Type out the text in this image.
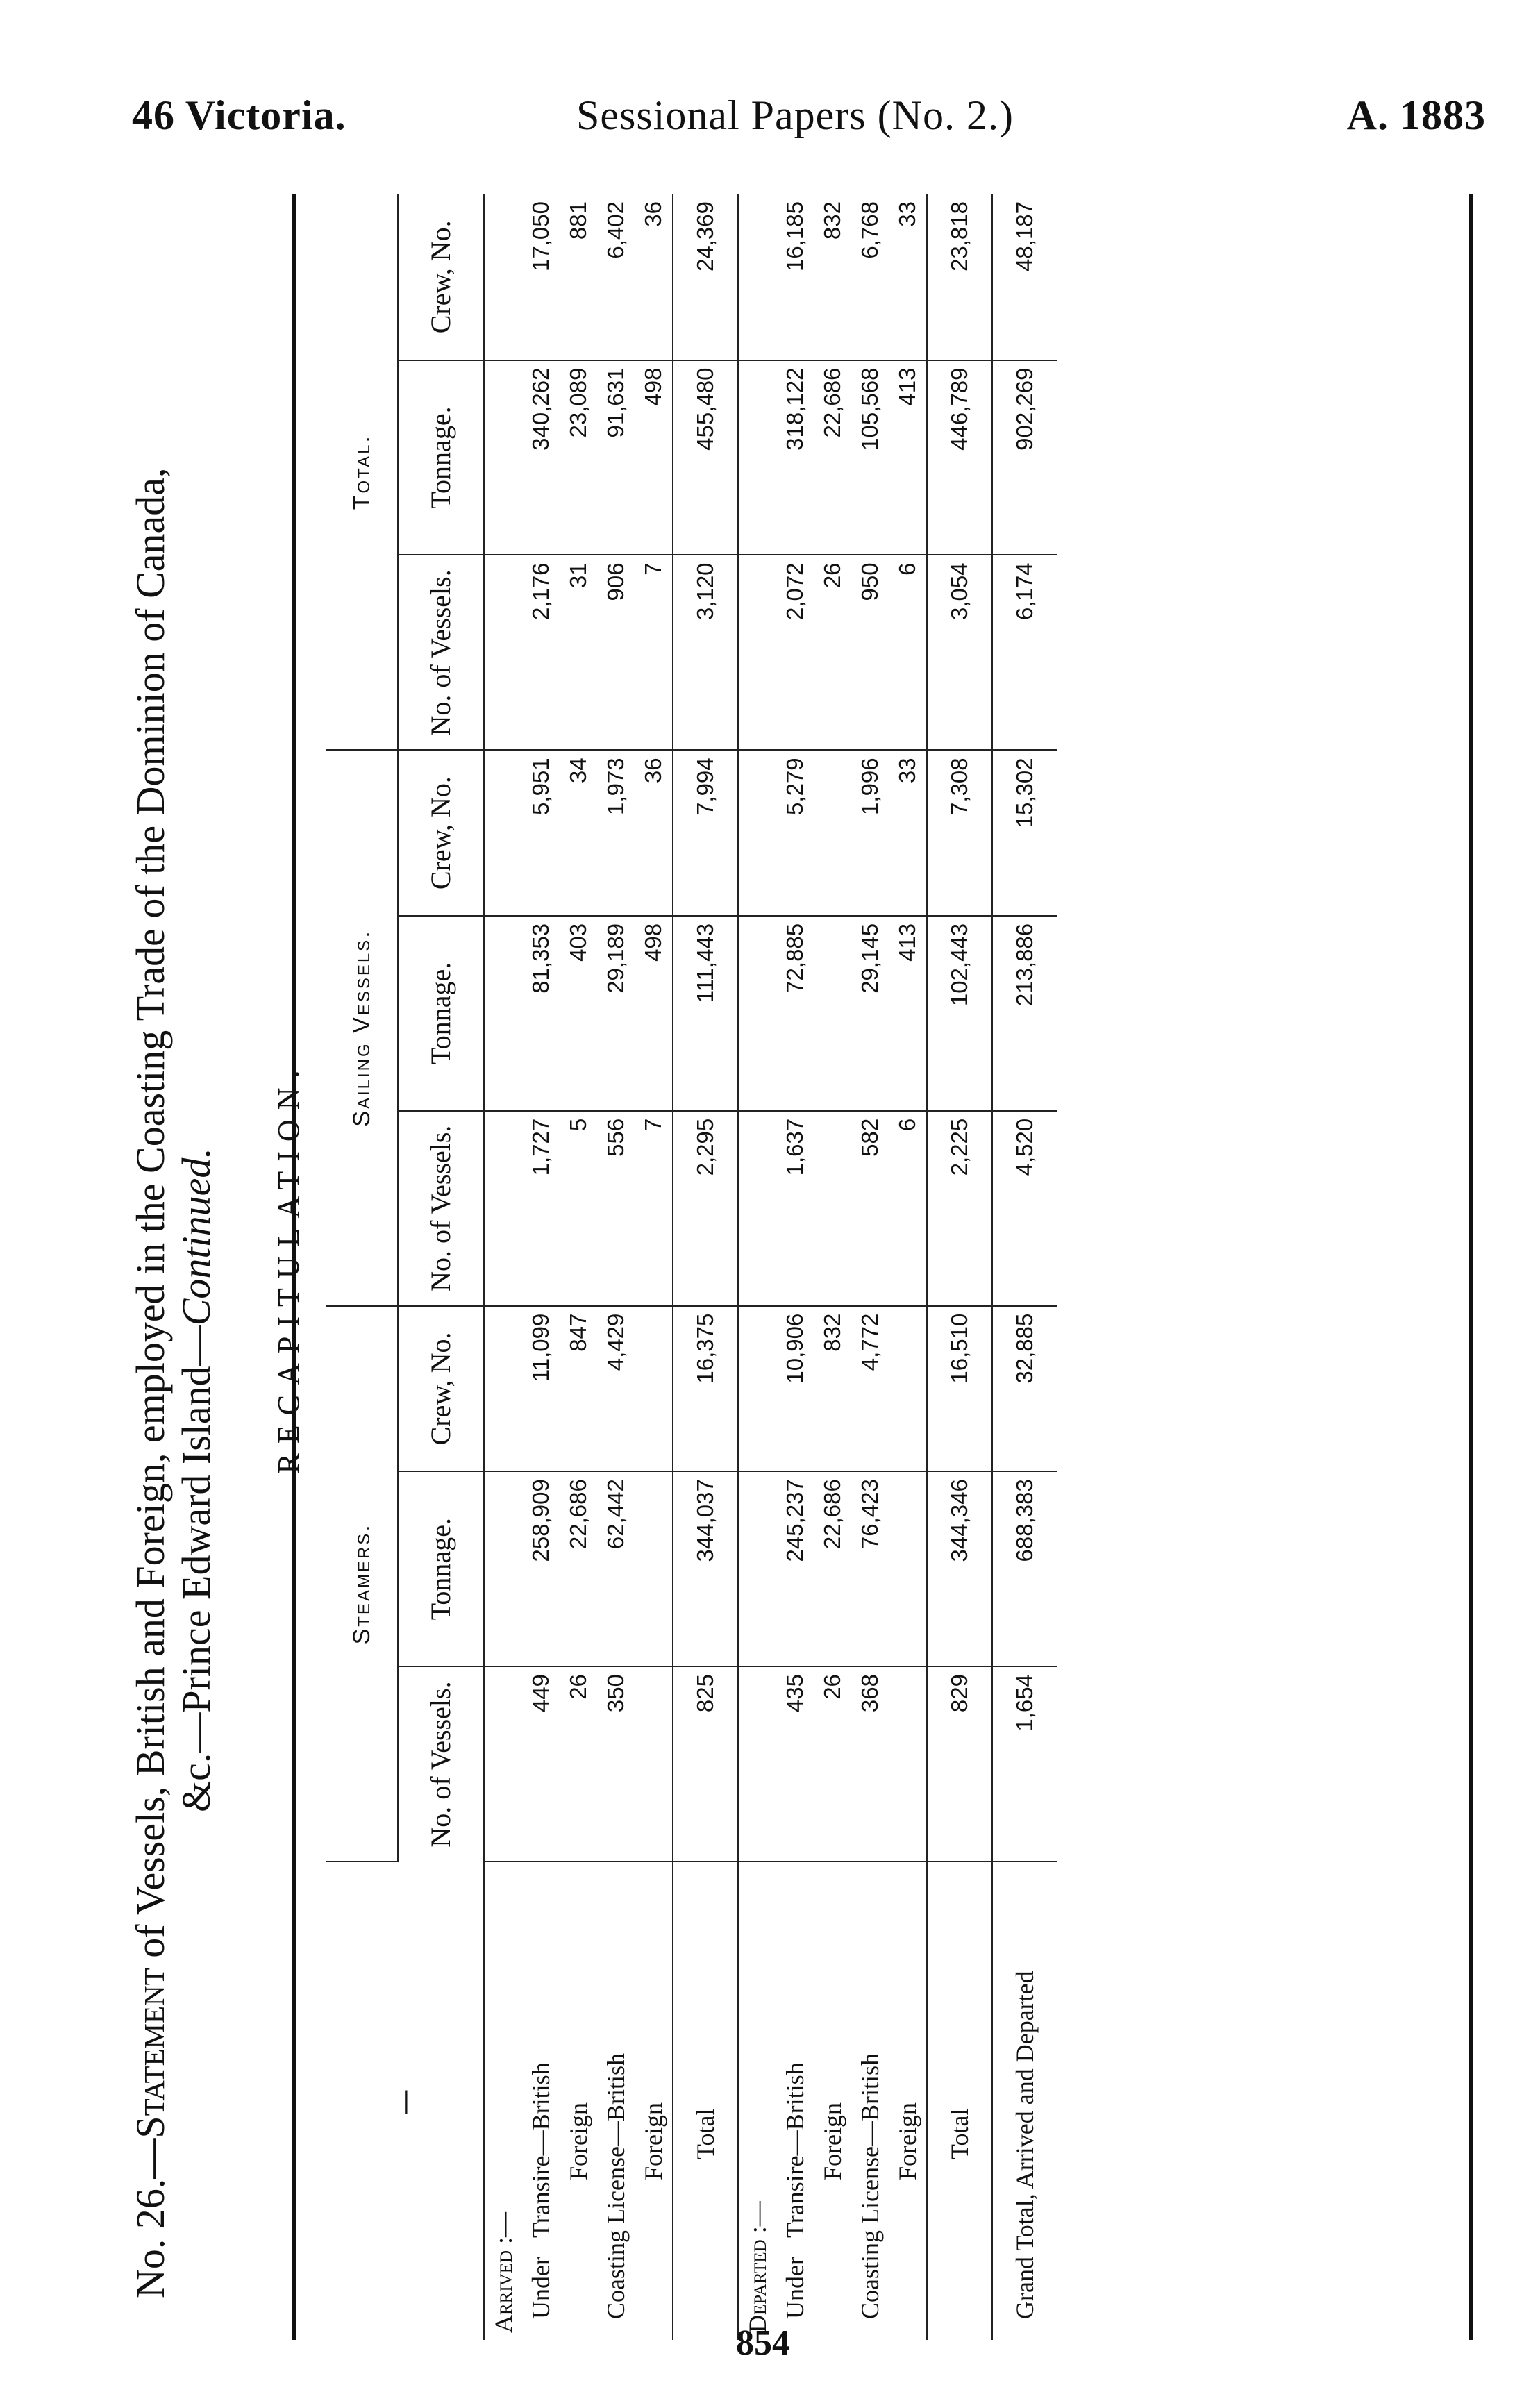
46 Victoria.	Sessional Papers (No. 2.)	A. 1883
No. 26.—Statement of Vessels, British and Foreign, employed in the Coasting Trade of the Dominion of Canada, &c.—Prince Edward Island—Continued. RECAPITULATION.
—	Steamers.			Sailing Vessels.			Total.		
	No. of Vessels.	Tonnage.	Crew, No.	No. of Vessels.	Tonnage.	Crew, No.	No. of Vessels.	Tonnage.	Crew, No.
Arrived :—									
Under   Transire—British	449	258,909	11,099	1,727	81,353	5,951	2,176	340,262	17,050
Foreign	26	22,686	847	5	403	34	31	23,089	881
Coasting License—British	350	62,442	4,429	556	29,189	1,973	906	91,631	6,402
Foreign				7	498	36	7	498	36
Total	825	344,037	16,375	2,295	111,443	7,994	3,120	455,480	24,369
Departed :—									
Under   Transire—British	435	245,237	10,906	1,637	72,885	5,279	2,072	318,122	16,185
Foreign	26	22,686	832				26	22,686	832
Coasting License—British	368	76,423	4,772	582	29,145	1,996	950	105,568	6,768
Foreign				6	413	33	6	413	33
Total	829	344,346	16,510	2,225	102,443	7,308	3,054	446,789	23,818
Grand Total, Arrived and Departed	1,654	688,383	32,885	4,520	213,886	15,302	6,174	902,269	48,187
854
